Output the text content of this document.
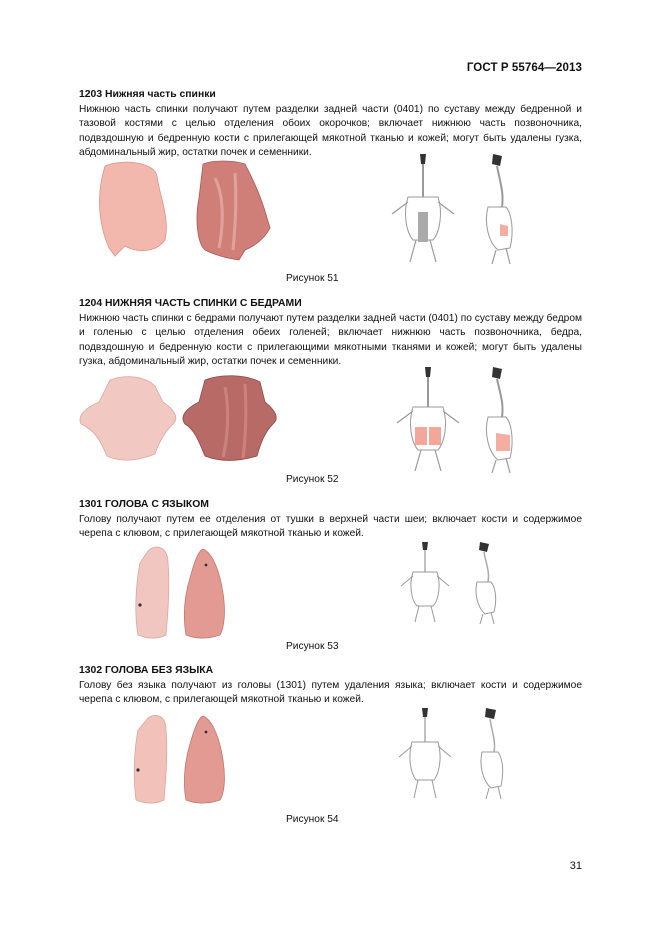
ГОСТ Р 55764—2013
1203 Нижняя часть спинки

Нижнюю часть спинки получают путем разделки задней части (0401) по суставу между бедренной и тазовой костями с целью отделения обоих окорочков; включает нижнюю часть позвоночника, подвздошную и бедренную кости с прилегающей мякотной тканью и кожей; могут быть удалены гузка, абдоминальный жир, остатки почек и семенники.

Рисунок 51
1204 НИЖНЯЯ ЧАСТЬ СПИНКИ С БЕДРАМИ

Нижнюю часть спинки с бедрами получают путем разделки задней части (0401) по суставу между бедром и голенью с целью отделения обеих голеней; включает нижнюю часть позвоночника, бедра, подвздошную и бедренную кости с прилегающими мякотными тканями и кожей; могут быть удалены гузка, абдоминальный жир, остатки почек и семенники.

Рисунок 52
1301 ГОЛОВА С ЯЗЫКОМ

Голову получают путем ее отделения от тушки в верхней части шеи; включает кости и содержимое черепа с клювом, с прилегающей мякотной тканью и кожей.

Рисунок 53
1302 ГОЛОВА БЕЗ ЯЗЫКА

Голову без языка получают из головы (1301) путем удаления языка; включает кости и содержимое черепа с клювом, с прилегающей мякотной тканью и кожей.

Рисунок 54
31
